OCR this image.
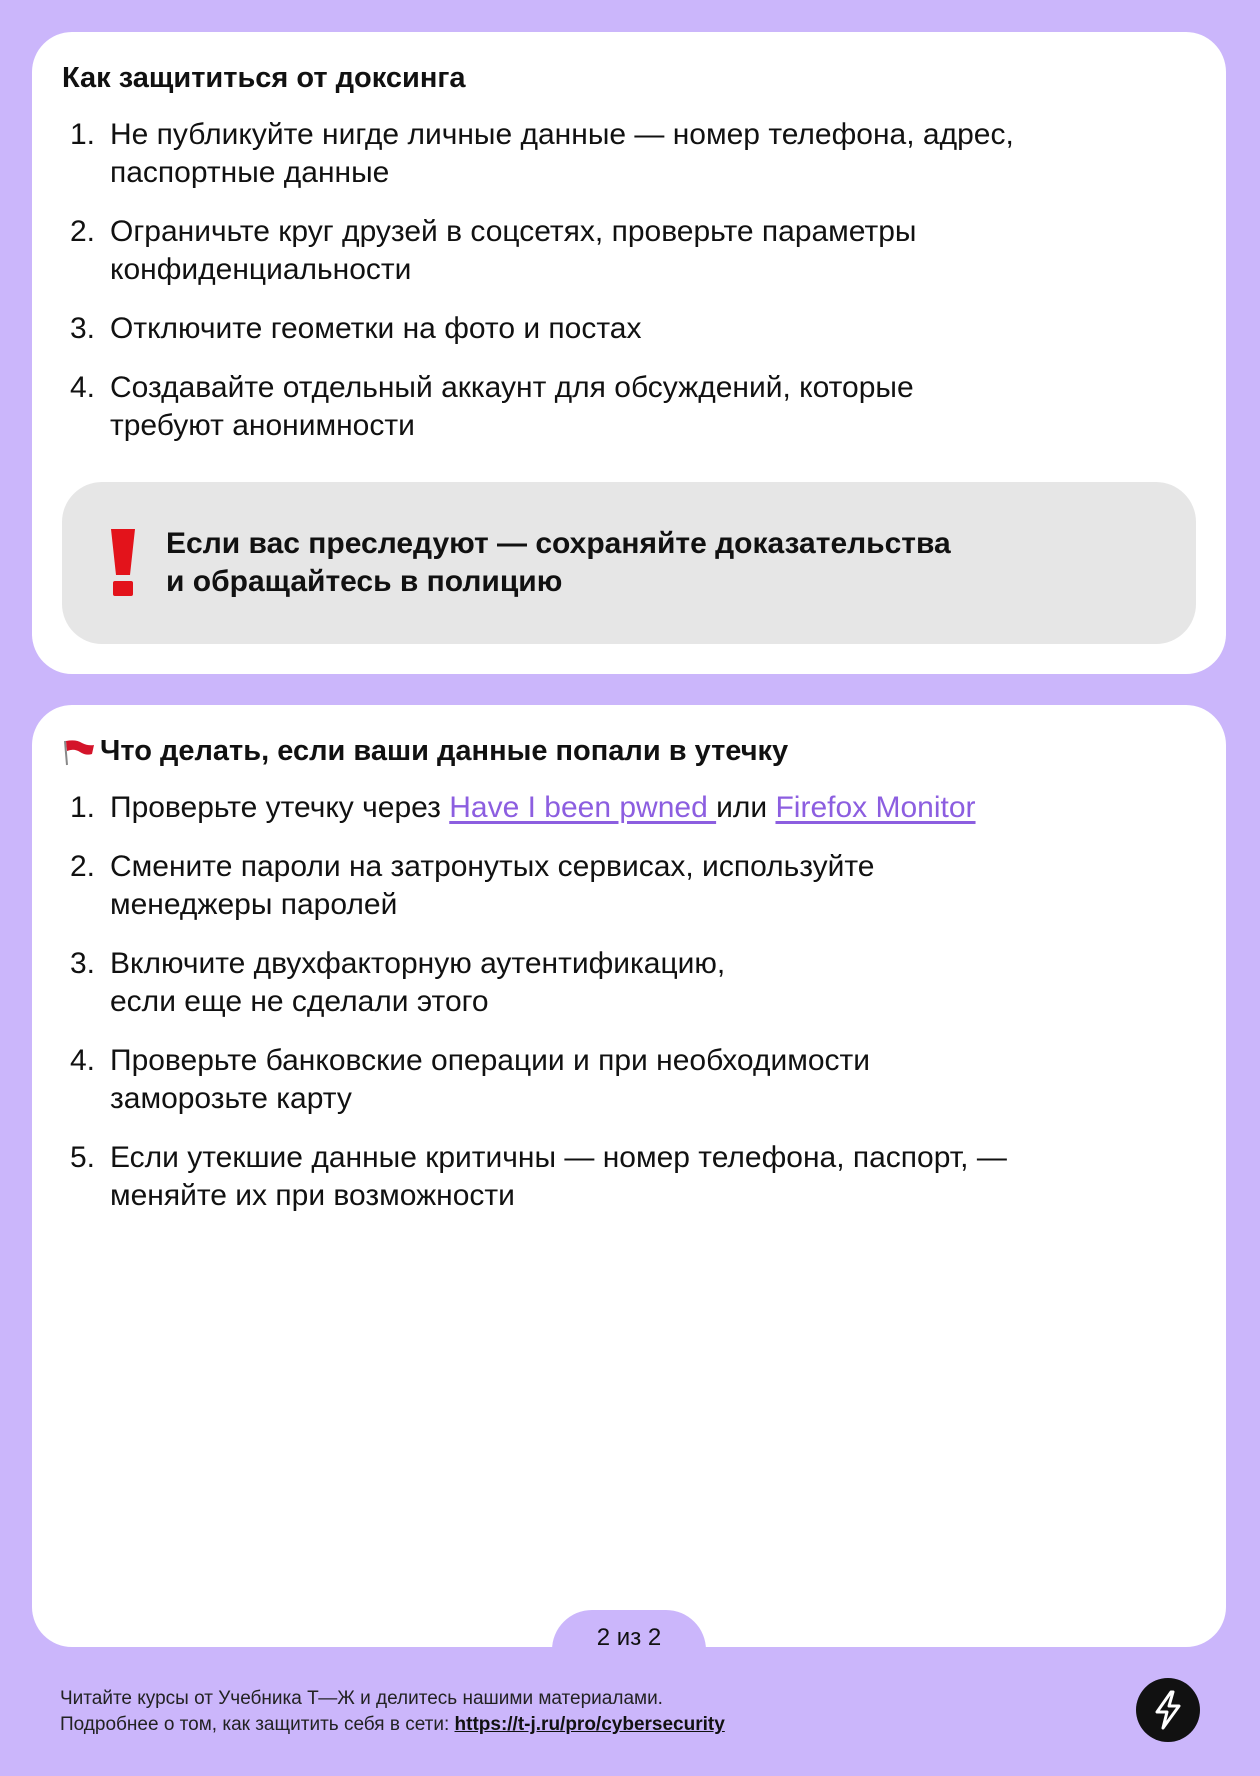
Как защититься от доксинга
1. Не публикуйте нигде личные данные — номер телефона, адрес,
паспортные данные
2. Ограничьте круг друзей в соцсетях, проверьте параметры
конфиденциальности
3. Отключите геометки на фото и постах
4. Создавайте отдельный аккаунт для обсуждений, которые
требуют анонимности
Если вас преследуют — сохраняйте доказательства
и обращайтесь в полицию
Что делать, если ваши данные попали в утечку
1. Проверьте утечку через Have I been pwned или Firefox Monitor
2. Смените пароли на затронутых сервисах, используйте
менеджеры паролей
3. Включите двухфакторную аутентификацию,
если еще не сделали этого
4. Проверьте банковские операции и при необходимости
заморозьте карту
5. Если утекшие данные критичны — номер телефона, паспорт, —
меняйте их при возможности
2 из 2
Читайте курсы от Учебника Т—Ж и делитесь нашими материалами.
Подробнее о том, как защитить себя в сети: https://t-j.ru/pro/cybersecurity
